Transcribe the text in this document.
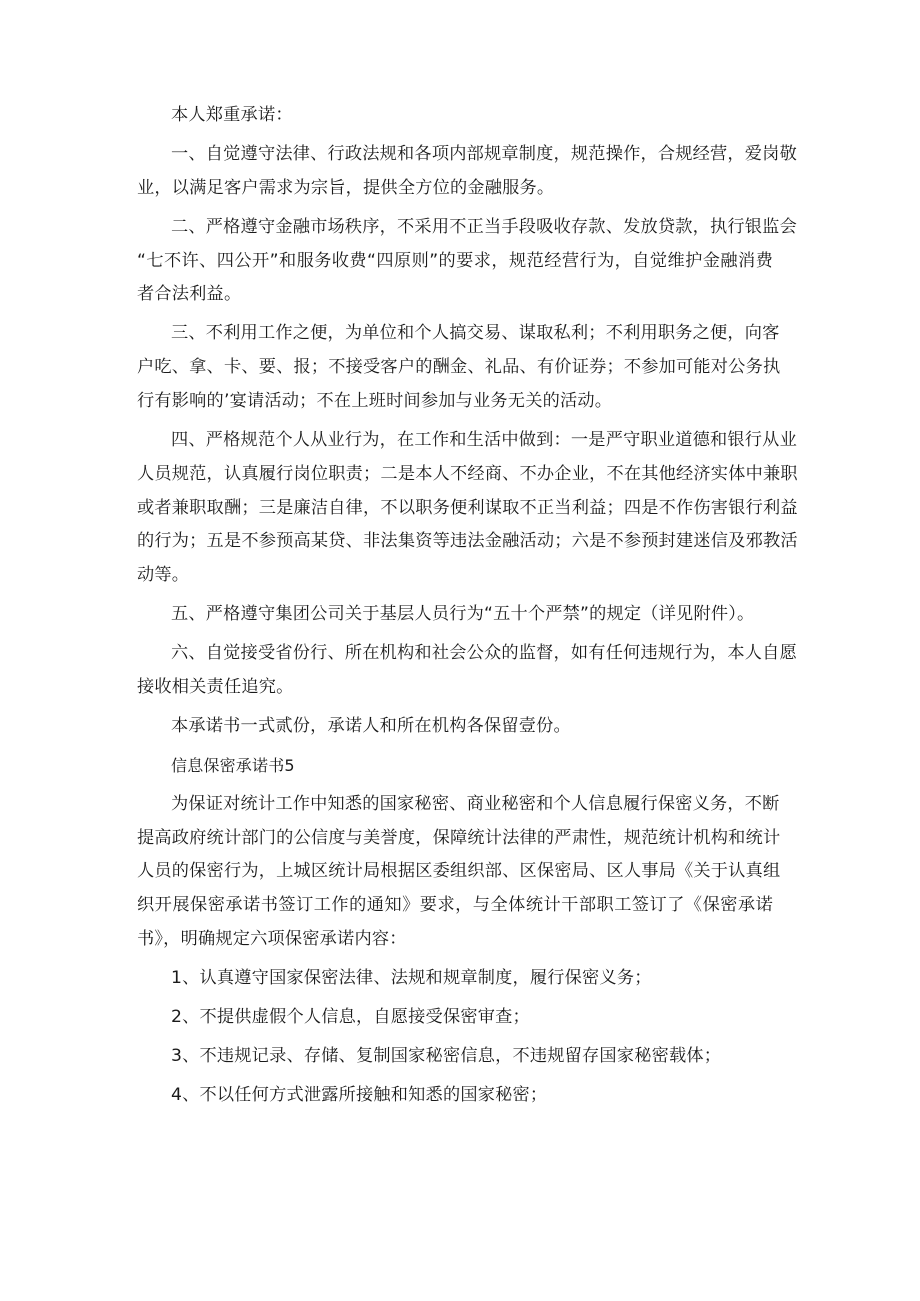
本人郑重承诺：

一、自觉遵守法律、行政法规和各项内部规章制度，规范操作，合规经营，爱岗敬
业，以满足客户需求为宗旨，提供全方位的金融服务。

二、严格遵守金融市场秩序，不采用不正当手段吸收存款、发放贷款，执行银监会
“七不许、四公开”和服务收费“四原则”的要求，规范经营行为，自觉维护金融消费
者合法利益。

三、不利用工作之便，为单位和个人搞交易、谋取私利；不利用职务之便，向客
户吃、拿、卡、要、报；不接受客户的酬金、礼品、有价证券；不参加可能对公务执
行有影响的’宴请活动；不在上班时间参加与业务无关的活动。

四、严格规范个人从业行为，在工作和生活中做到：一是严守职业道德和银行从业
人员规范，认真履行岗位职责；二是本人不经商、不办企业，不在其他经济实体中兼职
或者兼职取酬；三是廉洁自律，不以职务便利谋取不正当利益；四是不作伤害银行利益
的行为；五是不参预高某贷、非法集资等违法金融活动；六是不参预封建迷信及邪教活
动等。

五、严格遵守集团公司关于基层人员行为“五十个严禁”的规定（详见附件）。

六、自觉接受省份行、所在机构和社会公众的监督，如有任何违规行为，本人自愿
接收相关责任追究。

本承诺书一式贰份，承诺人和所在机构各保留壹份。

信息保密承诺书5

为保证对统计工作中知悉的国家秘密、商业秘密和个人信息履行保密义务，不断
提高政府统计部门的公信度与美誉度，保障统计法律的严肃性，规范统计机构和统计
人员的保密行为，上城区统计局根据区委组织部、区保密局、区人事局《关于认真组
织开展保密承诺书签订工作的通知》要求，与全体统计干部职工签订了《保密承诺
书》，明确规定六项保密承诺内容：

1、认真遵守国家保密法律、法规和规章制度，履行保密义务；

2、不提供虚假个人信息，自愿接受保密审查；

3、不违规记录、存储、复制国家秘密信息，不违规留存国家秘密载体；

4、不以任何方式泄露所接触和知悉的国家秘密；
